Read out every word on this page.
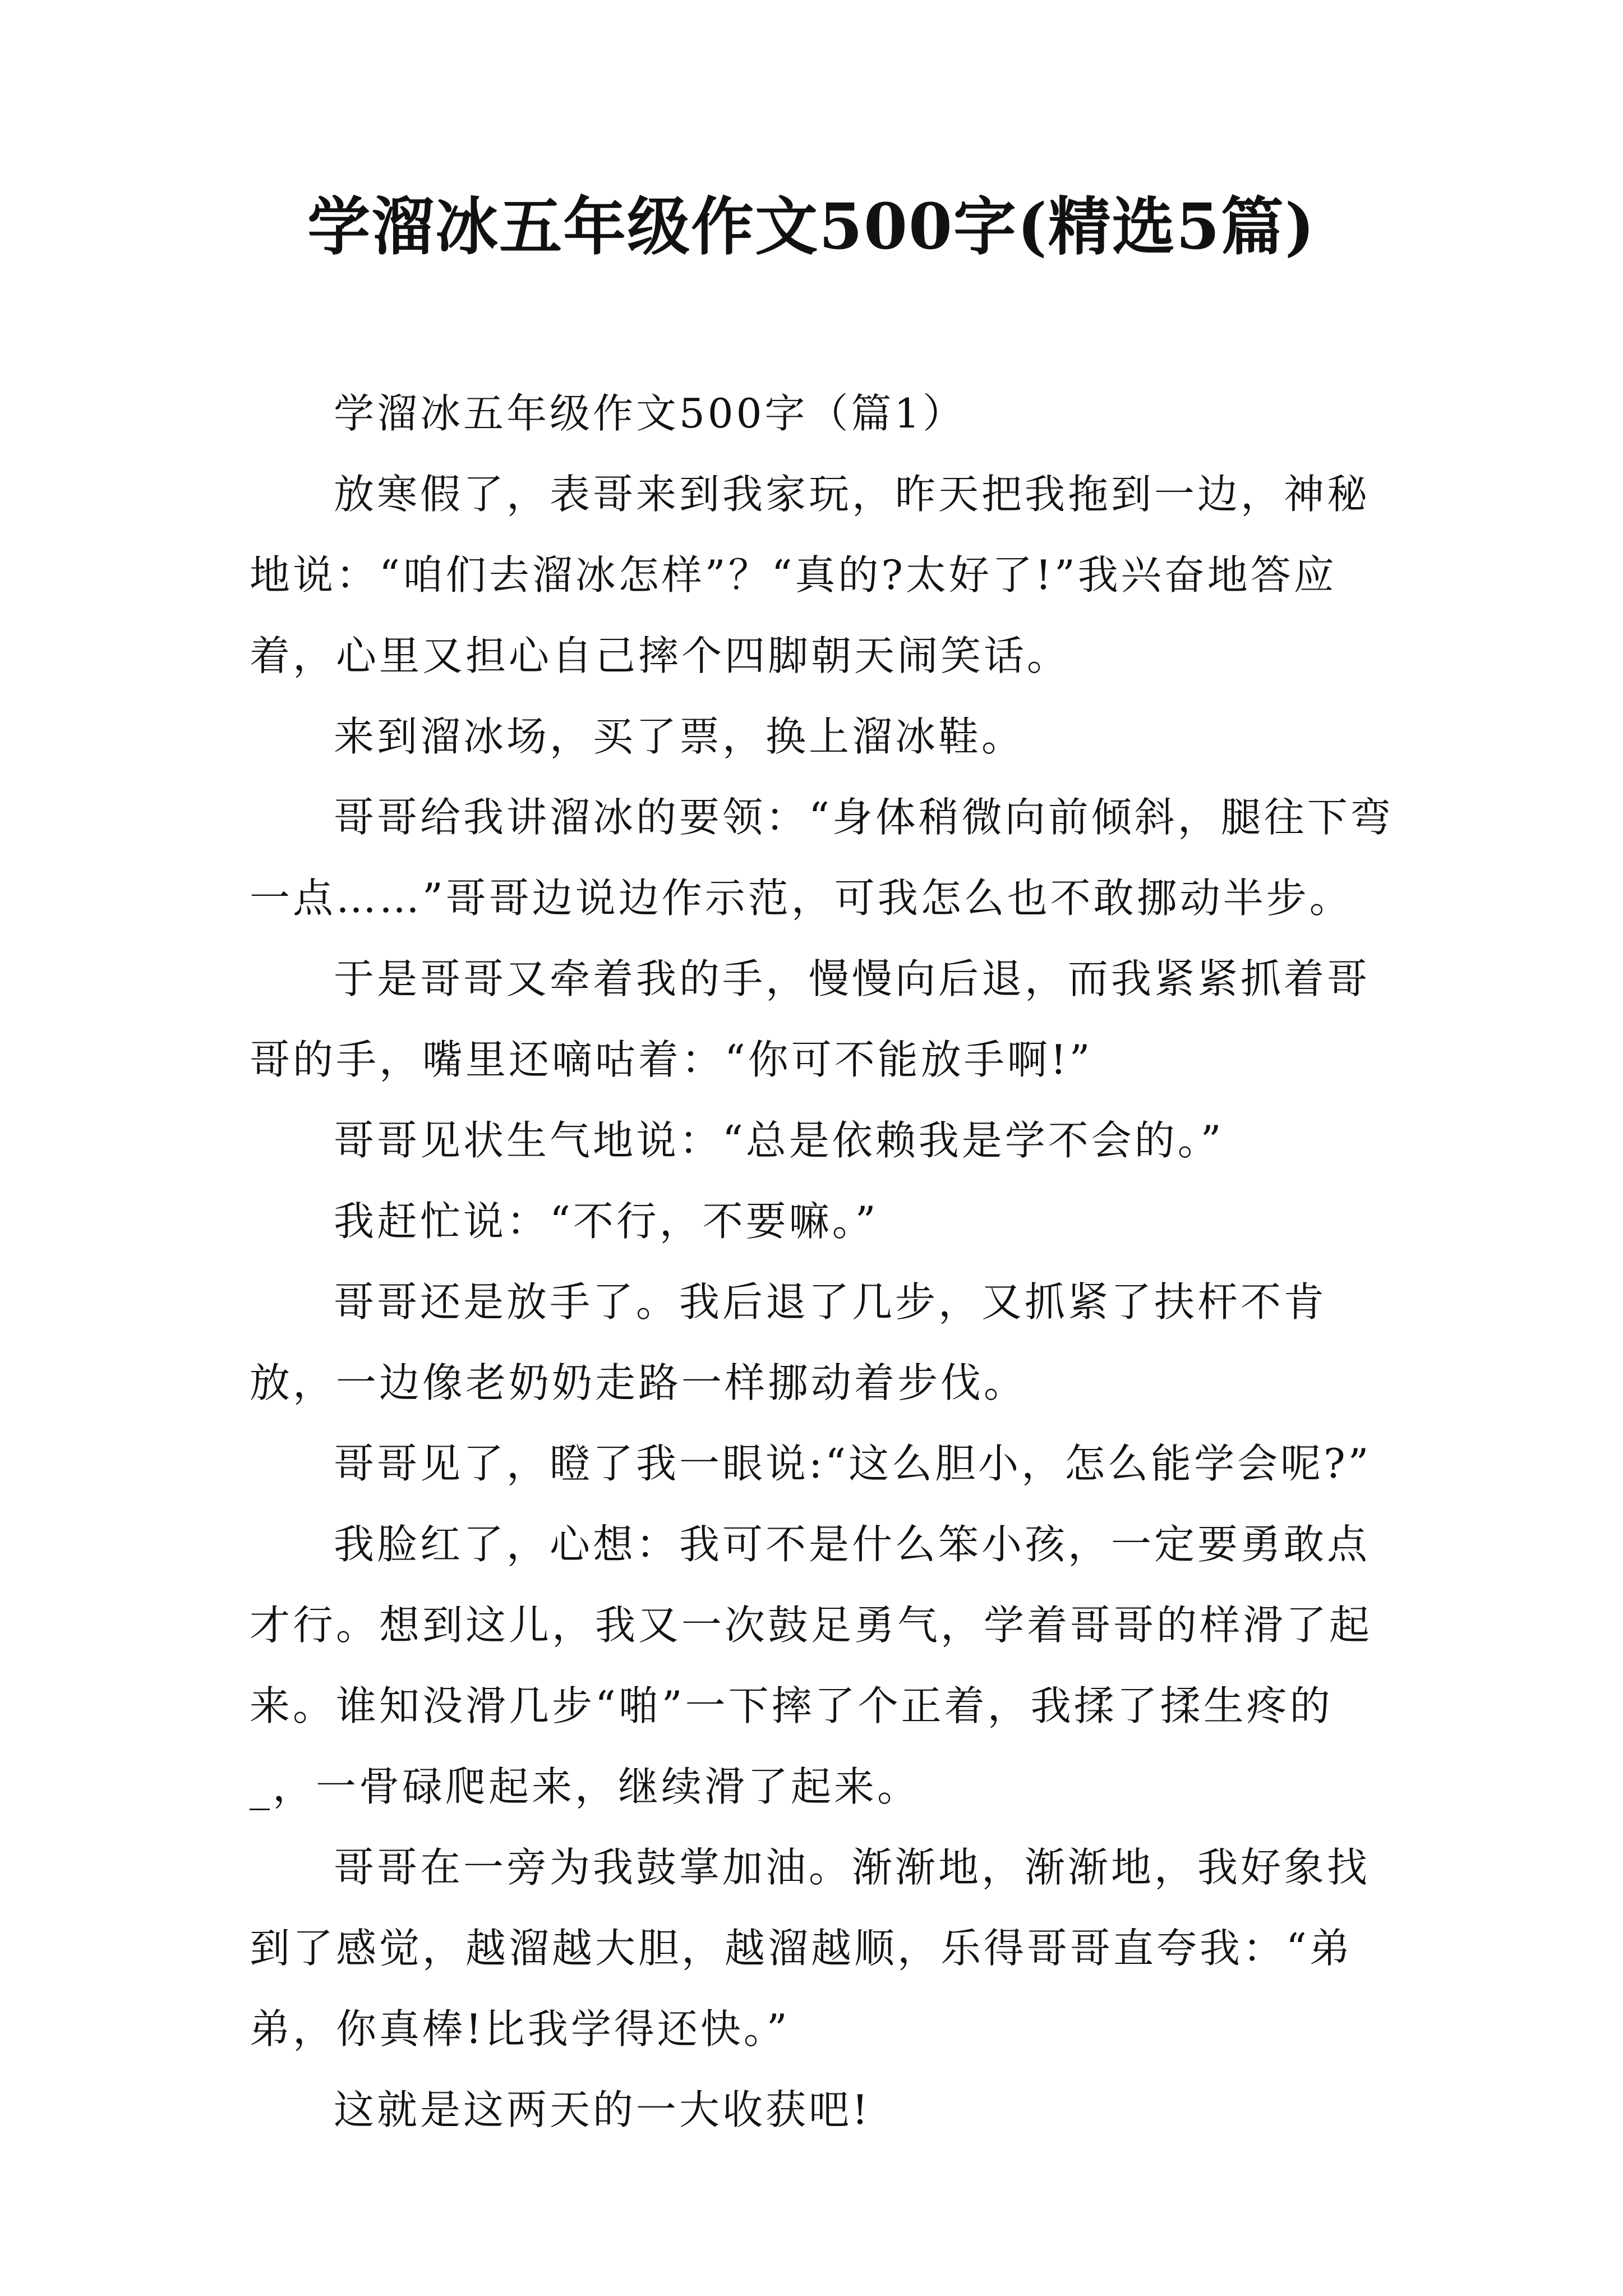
学溜冰五年级作文500字(精选5篇)

学溜冰五年级作文500字（篇1）

放寒假了，表哥来到我家玩，昨天把我拖到一边，神秘地说：“咱们去溜冰怎样”？“真的?太好了!”我兴奋地答应着，心里又担心自己摔个四脚朝天闹笑话。

来到溜冰场，买了票，换上溜冰鞋。

哥哥给我讲溜冰的要领：“身体稍微向前倾斜，腿往下弯一点……”哥哥边说边作示范，可我怎么也不敢挪动半步。

于是哥哥又牵着我的手，慢慢向后退，而我紧紧抓着哥哥的手，嘴里还嘀咕着：“你可不能放手啊!”

哥哥见状生气地说：“总是依赖我是学不会的。”

我赶忙说：“不行，不要嘛。”

哥哥还是放手了。我后退了几步，又抓紧了扶杆不肯放，一边像老奶奶走路一样挪动着步伐。

哥哥见了，瞪了我一眼说:“这么胆小，怎么能学会呢?”

我脸红了，心想：我可不是什么笨小孩，一定要勇敢点才行。想到这儿，我又一次鼓足勇气，学着哥哥的样滑了起来。谁知没滑几步“啪”一下摔了个正着，我揉了揉生疼的_，一骨碌爬起来，继续滑了起来。

哥哥在一旁为我鼓掌加油。渐渐地，渐渐地，我好象找到了感觉，越溜越大胆，越溜越顺，乐得哥哥直夸我：“弟弟，你真棒!比我学得还快。”

这就是这两天的一大收获吧!
